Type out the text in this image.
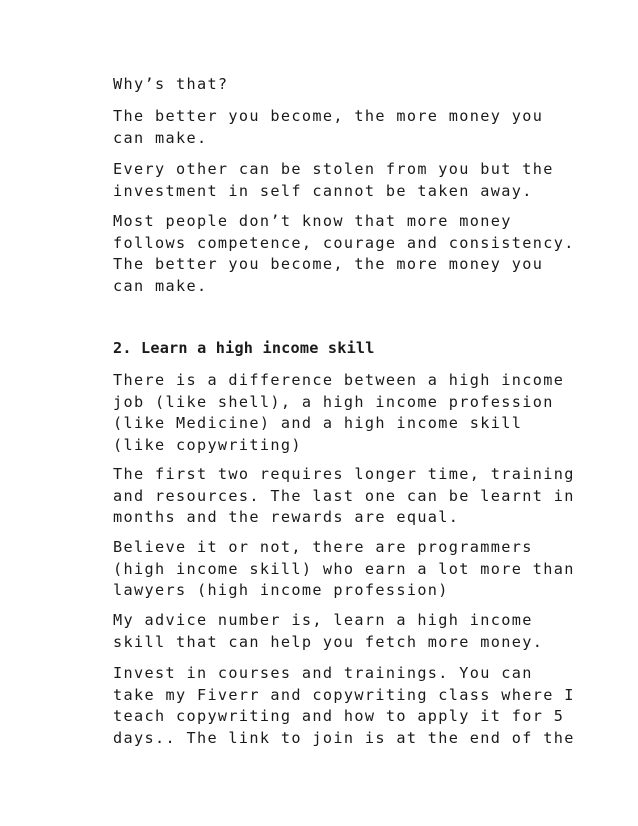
Why’s that?

The better you become, the more money you
can make.

Every other can be stolen from you but the
investment in self cannot be taken away.

Most people don’t know that more money
follows competence, courage and consistency.
The better you become, the more money you
can make.

2. Learn a high income skill

There is a difference between a high income
job (like shell), a high income profession
(like Medicine) and a high income skill
(like copywriting)

The first two requires longer time, training
and resources. The last one can be learnt in
months and the rewards are equal.

Believe it or not, there are programmers
(high income skill) who earn a lot more than
lawyers (high income profession)

My advice number is, learn a high income
skill that can help you fetch more money.

Invest in courses and trainings. You can
take my Fiverr and copywriting class where I
teach copywriting and how to apply it for 5
days.. The link to join is at the end of the
